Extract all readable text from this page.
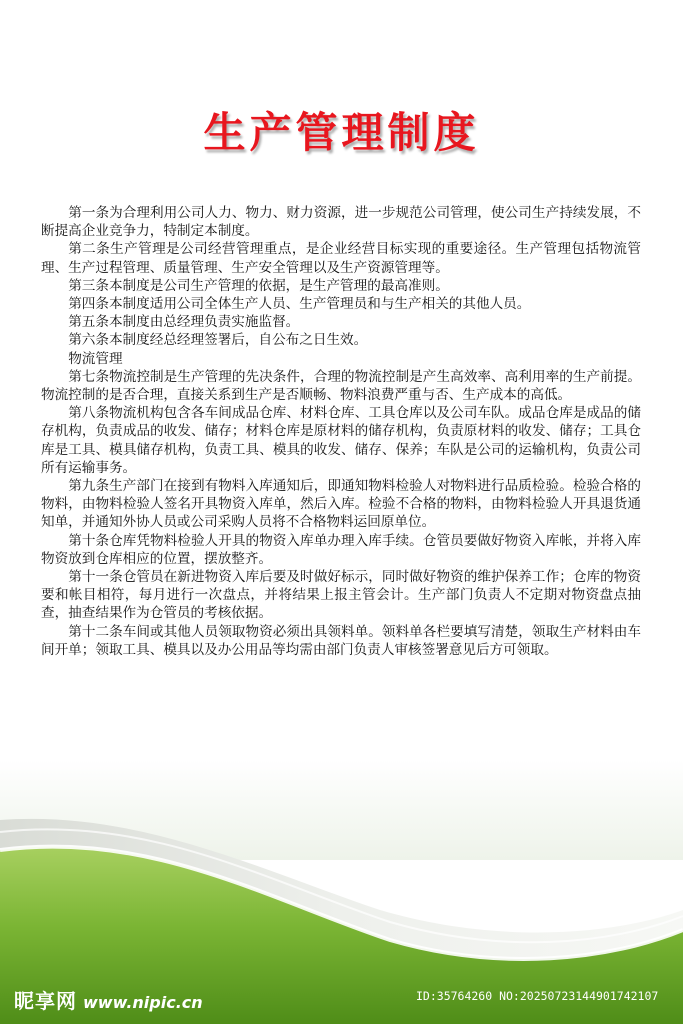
生产管理制度

第一条为合理利用公司人力、物力、财力资源，进一步规范公司管理，使公司生产持续发展，不断提高企业竞争力，特制定本制度。

第二条生产管理是公司经营管理重点，是企业经营目标实现的重要途径。生产管理包括物流管理、生产过程管理、质量管理、生产安全管理以及生产资源管理等。

第三条本制度是公司生产管理的依据，是生产管理的最高准则。

第四条本制度适用公司全体生产人员、生产管理员和与生产相关的其他人员。

第五条本制度由总经理负责实施监督。

第六条本制度经总经理签署后，自公布之日生效。

物流管理

第七条物流控制是生产管理的先决条件，合理的物流控制是产生高效率、高利用率的生产前提。物流控制的是否合理，直接关系到生产是否顺畅、物料浪费严重与否、生产成本的高低。

第八条物流机构包含各车间成品仓库、材料仓库、工具仓库以及公司车队。成品仓库是成品的储存机构，负责成品的收发、储存；材料仓库是原材料的储存机构，负责原材料的收发、储存；工具仓库是工具、模具储存机构，负责工具、模具的收发、储存、保养；车队是公司的运输机构，负责公司所有运输事务。

第九条生产部门在接到有物料入库通知后，即通知物料检验人对物料进行品质检验。检验合格的物料，由物料检验人签名开具物资入库单，然后入库。检验不合格的物料，由物料检验人开具退货通知单，并通知外协人员或公司采购人员将不合格物料运回原单位。

第十条仓库凭物料检验人开具的物资入库单办理入库手续。仓管员要做好物资入库帐，并将入库物资放到仓库相应的位置，摆放整齐。

第十一条仓管员在新进物资入库后要及时做好标示，同时做好物资的维护保养工作；仓库的物资要和帐目相符，每月进行一次盘点，并将结果上报主管会计。生产部门负责人不定期对物资盘点抽查，抽查结果作为仓管员的考核依据。

第十二条车间或其他人员领取物资必须出具领料单。领料单各栏要填写清楚，领取生产材料由车间开单；领取工具、模具以及办公用品等均需由部门负责人审核签署意见后方可领取。

昵享网 www.nipic.cn	ID:35764260 NO:20250723144901742107
